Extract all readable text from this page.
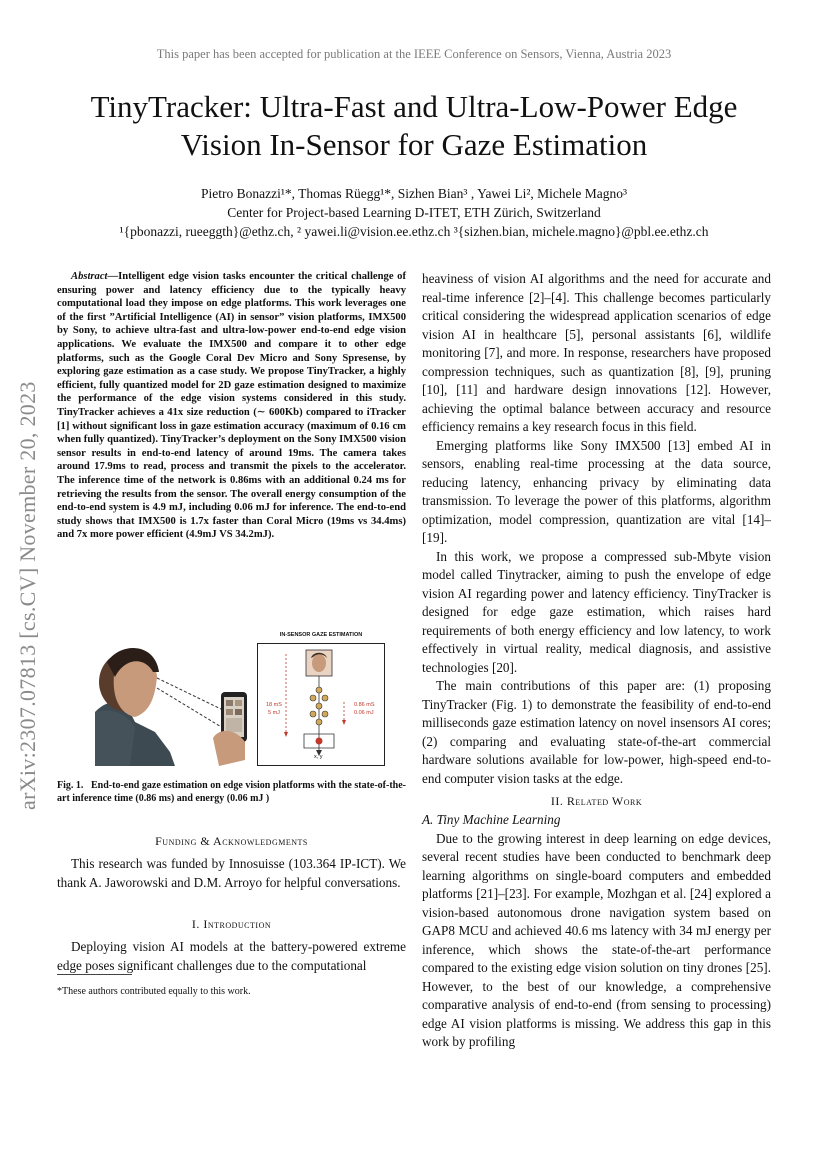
This paper has been accepted for publication at the IEEE Conference on Sensors, Vienna, Austria 2023
TinyTracker: Ultra-Fast and Ultra-Low-Power Edge
Vision In-Sensor for Gaze Estimation
Pietro Bonazzi¹*, Thomas Rüegg¹*, Sizhen Bian³ , Yawei Li², Michele Magno³
Center for Project-based Learning D-ITET, ETH Zürich, Switzerland
¹{pbonazzi, rueeggth}@ethz.ch, ² yawei.li@vision.ee.ethz.ch ³{sizhen.bian, michele.magno}@pbl.ee.ethz.ch
arXiv:2307.07813 [cs.CV] November 20, 2023

Abstract—Intelligent edge vision tasks encounter the critical challenge of ensuring power and latency efficiency due to the typically heavy computational load they impose on edge platforms. This work leverages one of the first ”Artificial Intelligence (AI) in sensor” vision platforms, IMX500 by Sony, to achieve ultra-fast and ultra-low-power end-to-end edge vision applications. We evaluate the IMX500 and compare it to other edge platforms, such as the Google Coral Dev Micro and Sony Spresense, by exploring gaze estimation as a case study. We propose TinyTracker, a highly efficient, fully quantized model for 2D gaze estimation designed to maximize the performance of the edge vision systems considered in this study. TinyTracker achieves a 41x size reduction (∼ 600Kb) compared to iTracker [1] without significant loss in gaze estimation accuracy (maximum of 0.16 cm when fully quantized). TinyTracker’s deployment on the Sony IMX500 vision sensor results in end-to-end latency of around 19ms. The camera takes around 17.9ms to read, process and transmit the pixels to the accelerator. The inference time of the network is 0.86ms with an additional 0.24 ms for retrieving the results from the sensor. The overall energy consumption of the end-to-end system is 4.9 mJ, including 0.06 mJ for inference. The end-to-end study shows that IMX500 is 1.7x faster than Coral Micro (19ms vs 34.4ms) and 7x more power efficient (4.9mJ VS 34.2mJ).

IN-SENSOR GAZE ESTIMATION
18 mS
5 mJ
0.86 mS
0.06 mJ
x, y
Fig. 1. End-to-end gaze estimation on edge vision platforms with the state-of-the-art inference time (0.86 ms) and energy (0.06 mJ )

Funding & Acknowledgments

This research was funded by Innosuisse (103.364 IP-ICT). We thank A. Jaworowski and D.M. Arroyo for helpful conversations.

I. Introduction

Deploying vision AI models at the battery-powered extreme edge poses significant challenges due to the computational

*These authors contributed equally to this work.

heaviness of vision AI algorithms and the need for accurate and real-time inference [2]–[4]. This challenge becomes particularly critical considering the widespread application scenarios of edge vision AI in healthcare [5], personal assistants [6], wildlife monitoring [7], and more. In response, researchers have proposed compression techniques, such as quantization [8], [9], pruning [10], [11] and hardware design innovations [12]. However, achieving the optimal balance between accuracy and resource efficiency remains a key research focus in this field.

Emerging platforms like Sony IMX500 [13] embed AI in sensors, enabling real-time processing at the data source, reducing latency, enhancing privacy by eliminating data transmission. To leverage the power of this platforms, algorithm optimization, model compression, quantization are vital [14]–[19].

In this work, we propose a compressed sub-Mbyte vision model called Tinytracker, aiming to push the envelope of edge vision AI regarding power and latency efficiency. TinyTracker is designed for edge gaze estimation, which raises hard requirements of both energy efficiency and low latency, to work effectively in virtual reality, medical diagnosis, and assistive technologies [20].

The main contributions of this paper are: (1) proposing TinyTracker (Fig. 1) to demonstrate the feasibility of end-to-end milliseconds gaze estimation latency on novel insensors AI cores; (2) comparing and evaluating state-of-the-art commercial hardware solutions available for low-power, high-speed end-to-end computer vision tasks at the edge.

II. Related Work

A. Tiny Machine Learning

Due to the growing interest in deep learning on edge devices, several recent studies have been conducted to benchmark deep learning algorithms on single-board computers and embedded platforms [21]–[23]. For example, Mozhgan et al. [24] explored a vision-based autonomous drone navigation system based on GAP8 MCU and achieved 40.6 ms latency with 34 mJ energy per inference, which shows the state-of-the-art performance compared to the existing edge vision solution on tiny drones [25]. However, to the best of our knowledge, a comprehensive comparative analysis of end-to-end (from sensing to processing) edge AI vision platforms is missing. We address this gap in this work by profiling
